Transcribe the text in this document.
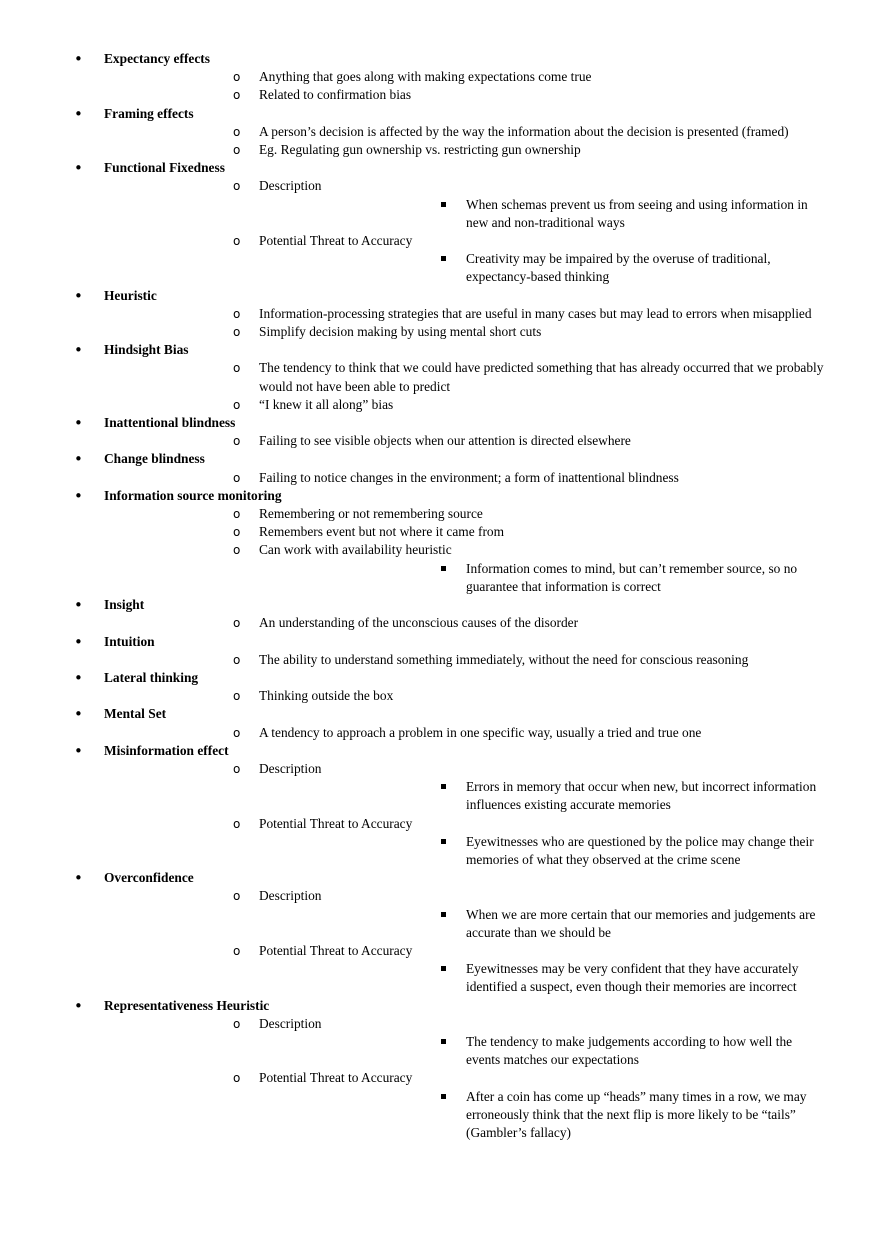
• Expectancy effects
o Anything that goes along with making expectations come true
o Related to confirmation bias
• Framing effects
o A person’s decision is affected by the way the information about the decision is presented (framed)
o Eg. Regulating gun ownership vs. restricting gun ownership
• Functional Fixedness
o Description
When schemas prevent us from seeing and using information in new and non-traditional ways
o Potential Threat to Accuracy
Creativity may be impaired by the overuse of traditional, expectancy-based thinking
• Heuristic
o Information-processing strategies that are useful in many cases but may lead to errors when misapplied
o Simplify decision making by using mental short cuts
• Hindsight Bias
o The tendency to think that we could have predicted something that has already occurred that we probably would not have been able to predict
o “I knew it all along” bias
• Inattentional blindness
o Failing to see visible objects when our attention is directed elsewhere
• Change blindness
o Failing to notice changes in the environment; a form of inattentional blindness
• Information source monitoring
o Remembering or not remembering source
o Remembers event but not where it came from
o Can work with availability heuristic
Information comes to mind, but can’t remember source, so no guarantee that information is correct
• Insight
o An understanding of the unconscious causes of the disorder
• Intuition
o The ability to understand something immediately, without the need for conscious reasoning
• Lateral thinking
o Thinking outside the box
• Mental Set
o A tendency to approach a problem in one specific way, usually a tried and true one
• Misinformation effect
o Description
Errors in memory that occur when new, but incorrect information influences existing accurate memories
o Potential Threat to Accuracy
Eyewitnesses who are questioned by the police may change their memories of what they observed at the crime scene
• Overconfidence
o Description
When we are more certain that our memories and judgements are accurate than we should be
o Potential Threat to Accuracy
Eyewitnesses may be very confident that they have accurately identified a suspect, even though their memories are incorrect
• Representativeness Heuristic
o Description
The tendency to make judgements according to how well the events matches our expectations
o Potential Threat to Accuracy
After a coin has come up “heads” many times in a row, we may erroneously think that the next flip is more likely to be “tails” (Gambler’s fallacy)
